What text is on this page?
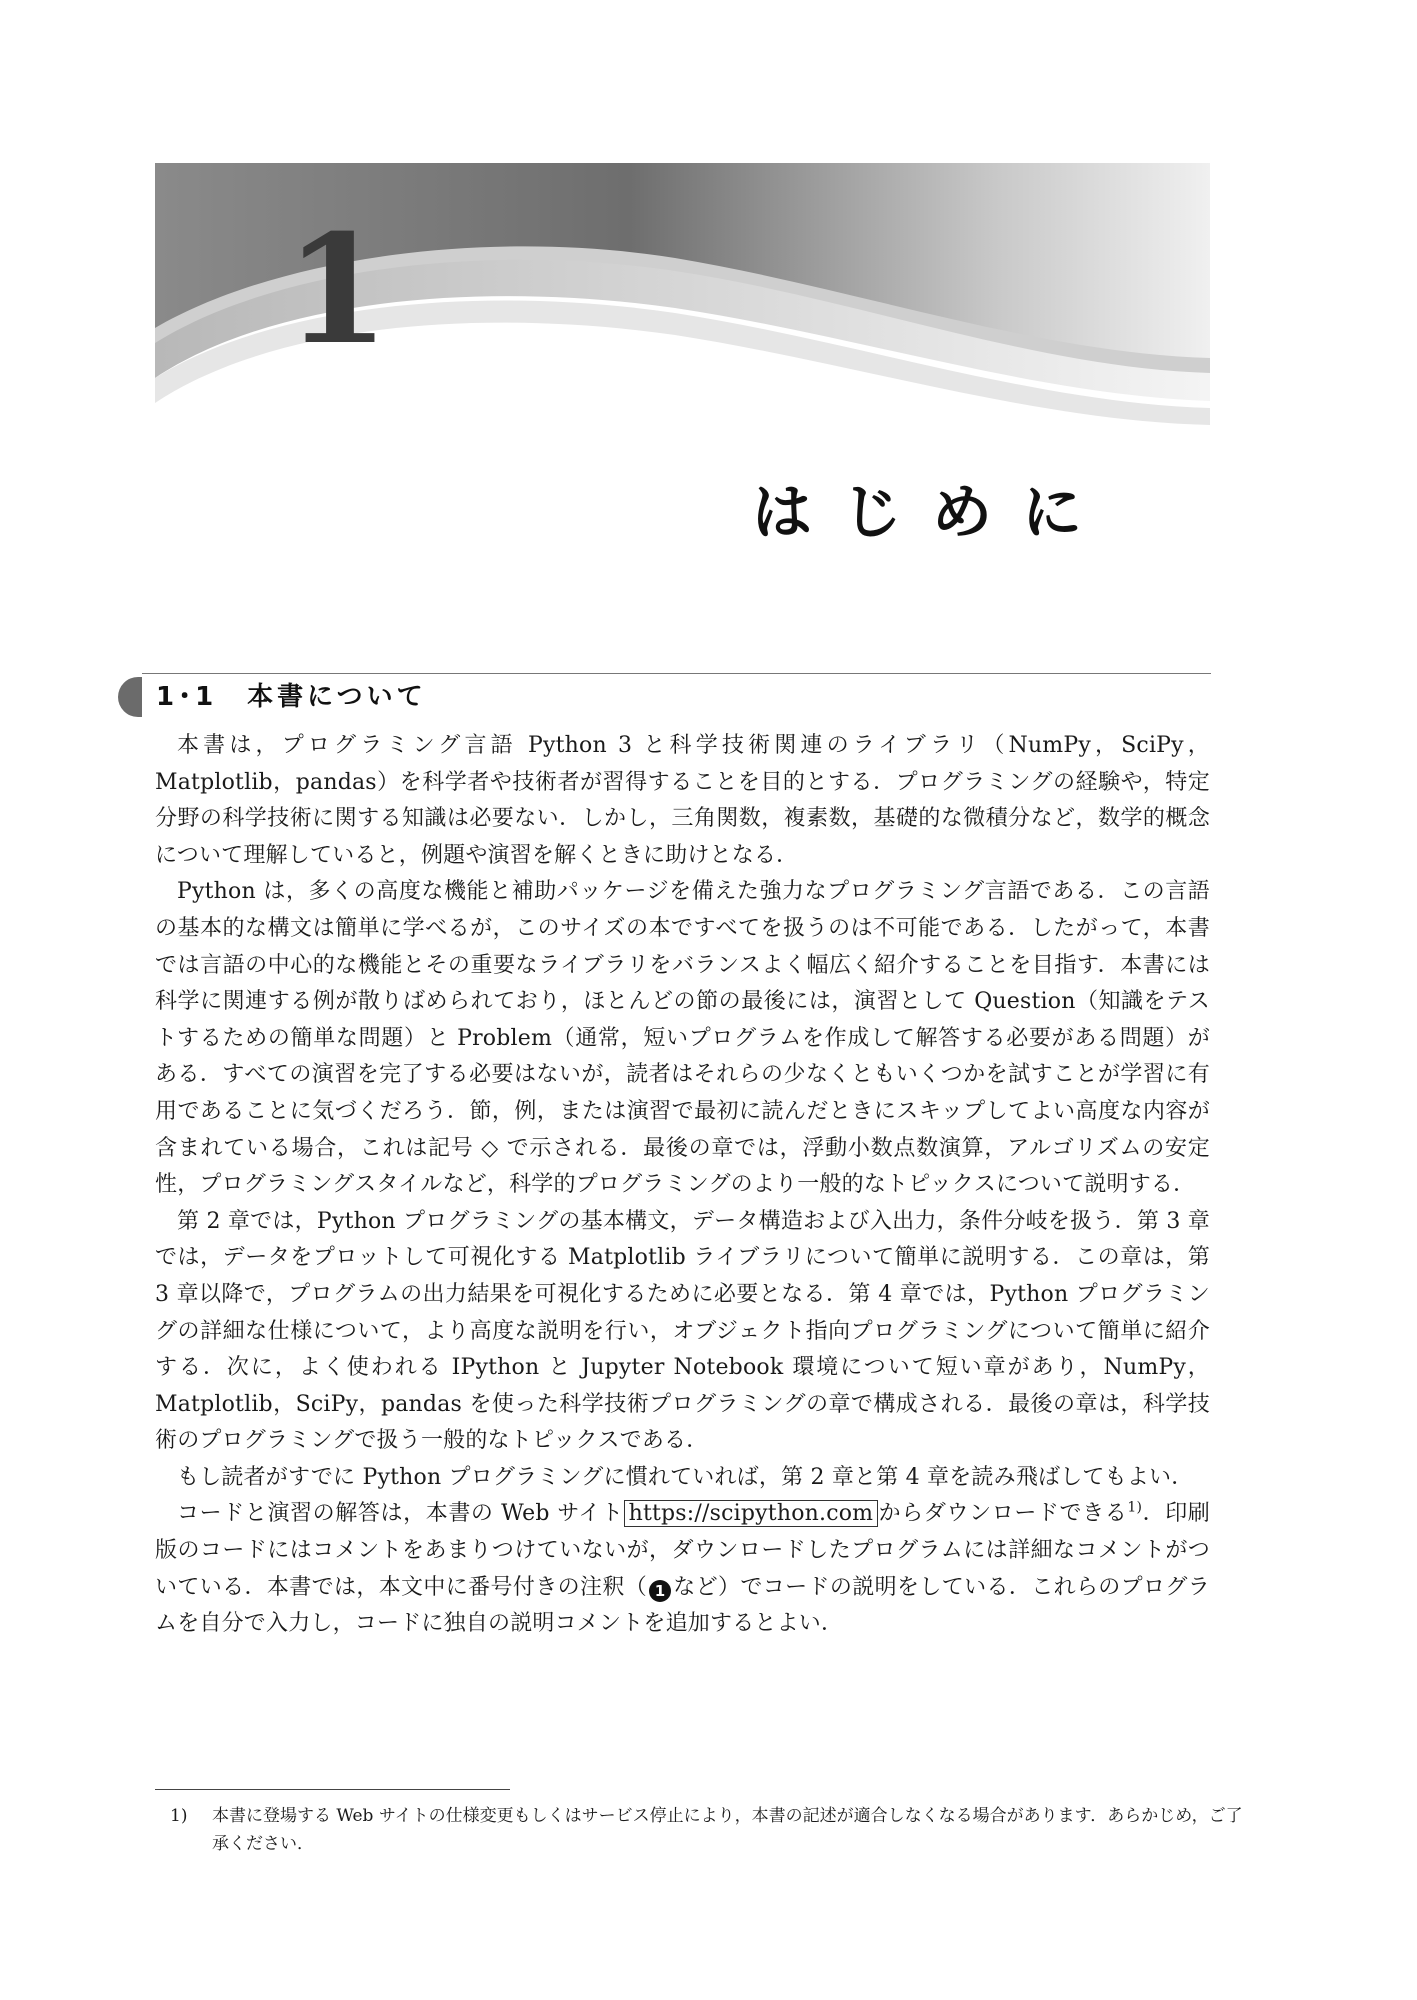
1
はじめに
1･1　本書について

本書は，プログラミング言語 Python 3 と科学技術関連のライブラリ（NumPy，SciPy，Matplotlib，pandas）を科学者や技術者が習得することを目的とする．プログラミングの経験や，特定分野の科学技術に関する知識は必要ない．しかし，三角関数，複素数，基礎的な微積分など，数学的概念について理解していると，例題や演習を解くときに助けとなる．

Python は，多くの高度な機能と補助パッケージを備えた強力なプログラミング言語である．この言語の基本的な構文は簡単に学べるが，このサイズの本ですべてを扱うのは不可能である．したがって，本書では言語の中心的な機能とその重要なライブラリをバランスよく幅広く紹介することを目指す．本書には科学に関連する例が散りばめられており，ほとんどの節の最後には，演習として Question（知識をテストするための簡単な問題）と Problem（通常，短いプログラムを作成して解答する必要がある問題）がある．すべての演習を完了する必要はないが，読者はそれらの少なくともいくつかを試すことが学習に有用であることに気づくだろう．節，例，または演習で最初に読んだときにスキップしてよい高度な内容が含まれている場合，これは記号 ◇ で示される．最後の章では，浮動小数点数演算，アルゴリズムの安定性，プログラミングスタイルなど，科学的プログラミングのより一般的なトピックスについて説明する．

第 2 章では，Python プログラミングの基本構文，データ構造および入出力，条件分岐を扱う．第 3 章では，データをプロットして可視化する Matplotlib ライブラリについて簡単に説明する．この章は，第 3 章以降で，プログラムの出力結果を可視化するために必要となる．第 4 章では，Python プログラミングの詳細な仕様について，より高度な説明を行い，オブジェクト指向プログラミングについて簡単に紹介する．次に，よく使われる IPython と Jupyter Notebook 環境について短い章があり，NumPy，Matplotlib，SciPy，pandas を使った科学技術プログラミングの章で構成される．最後の章は，科学技術のプログラミングで扱う一般的なトピックスである．

もし読者がすでに Python プログラミングに慣れていれば，第 2 章と第 4 章を読み飛ばしてもよい．

コードと演習の解答は，本書の Web サイト https://scipython.com からダウンロードできる$^{1)}$．印刷版のコードにはコメントをあまりつけていないが，ダウンロードしたプログラムには詳細なコメントがついている．本書では，本文中に番号付きの注釈（ 1 など）でコードの説明をしている．これらのプログラムを自分で入力し，コードに独自の説明コメントを追加するとよい．

1) 本書に登場する Web サイトの仕様変更もしくはサービス停止により，本書の記述が適合しなくなる場合があります．あらかじめ，ご了承ください．
